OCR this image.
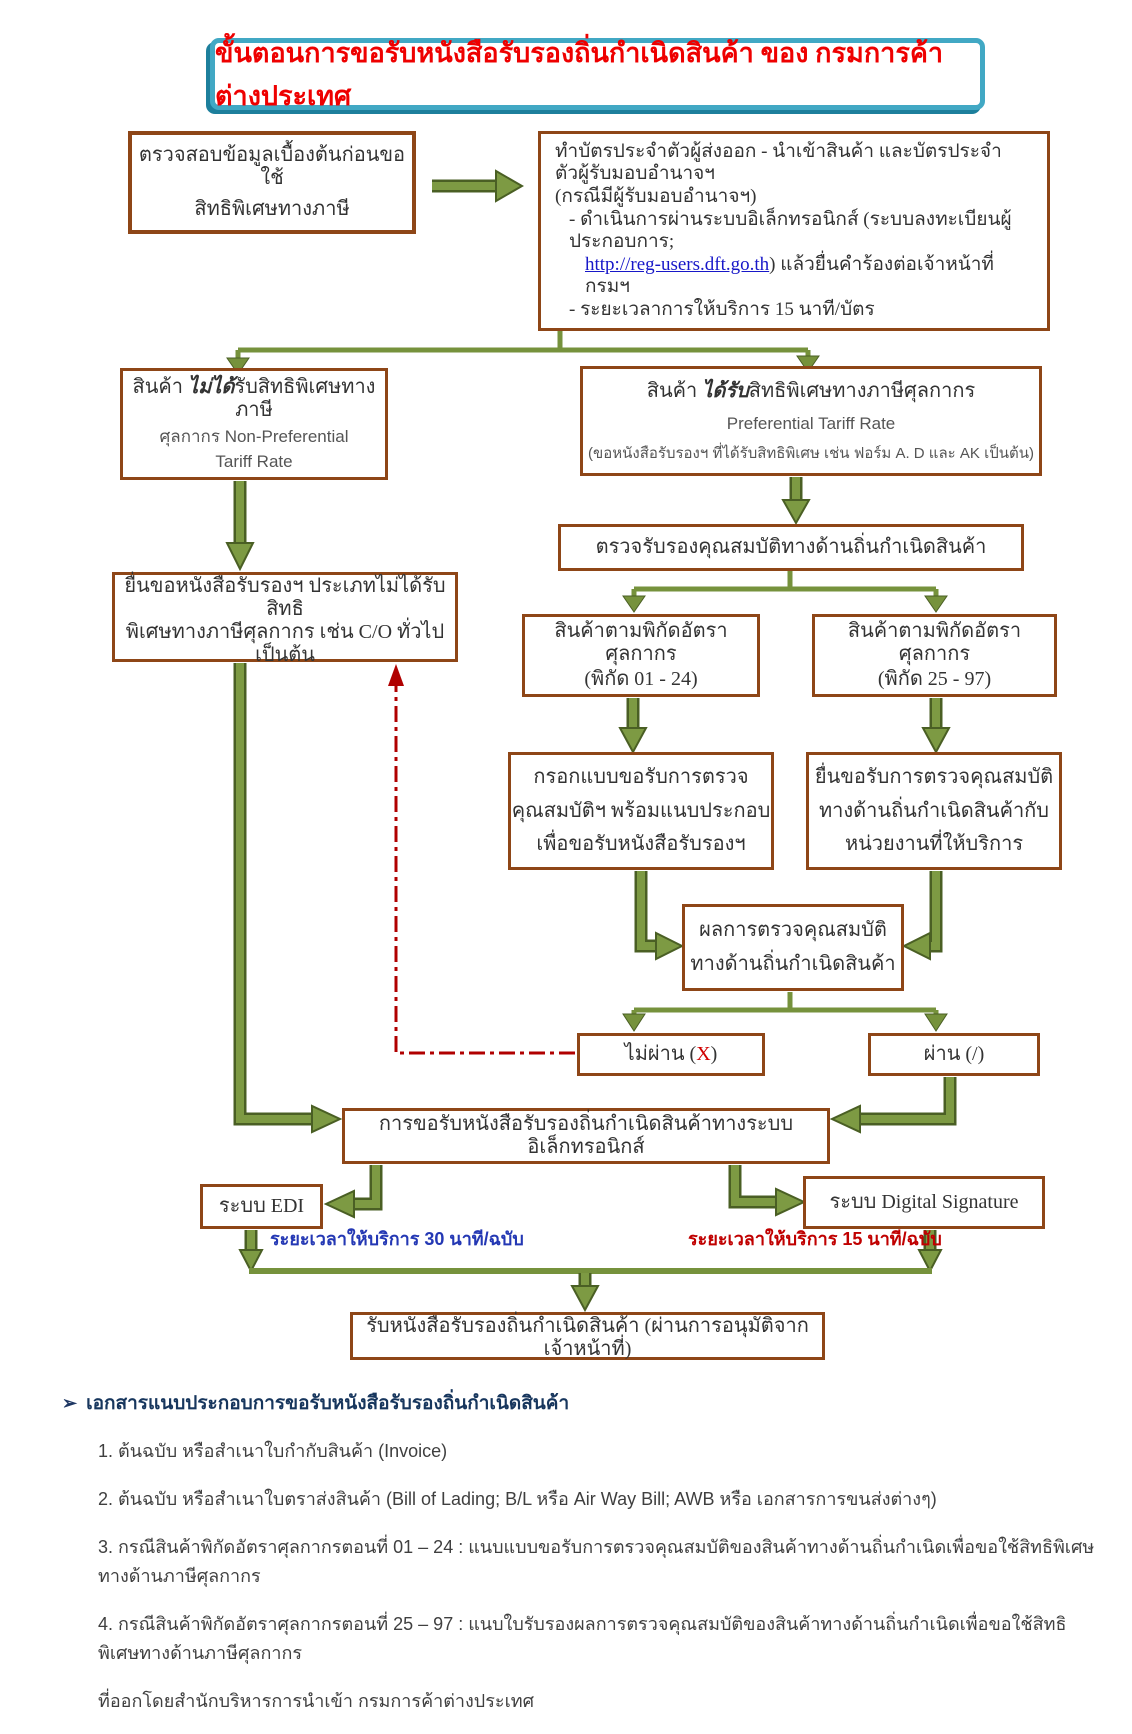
ขั้นตอนการขอรับหนังสือรับรองถิ่นกำเนิดสินค้า ของ กรมการค้าต่างประเทศ
ตรวจสอบข้อมูลเบื้องต้นก่อนขอใช้
สิทธิพิเศษทางภาษี
ทำบัตรประจำตัวผู้ส่งออก - นำเข้าสินค้า และบัตรประจำตัวผู้รับมอบอำนาจฯ
(กรณีมีผู้รับมอบอำนาจฯ)
- ดำเนินการผ่านระบบอิเล็กทรอนิกส์ (ระบบลงทะเบียนผู้ประกอบการ;
http://reg-users.dft.go.th) แล้วยื่นคำร้องต่อเจ้าหน้าที่กรมฯ
- ระยะเวลาการให้บริการ 15 นาที/บัตร
สินค้า ไม่ได้รับสิทธิพิเศษทางภาษี
ศุลกากร Non-Preferential
Tariff Rate
สินค้า ได้รับสิทธิพิเศษทางภาษีศุลกากร
Preferential Tariff Rate
(ขอหนังสือรับรองฯ ที่ได้รับสิทธิพิเศษ เช่น ฟอร์ม A. D และ AK เป็นต้น)
ยื่นขอหนังสือรับรองฯ ประเภทไม่ได้รับสิทธิ
พิเศษทางภาษีศุลกากร เช่น C/O ทั่วไป เป็นต้น
ตรวจรับรองคุณสมบัติทางด้านถิ่นกำเนิดสินค้า
สินค้าตามพิกัดอัตราศุลกากร
(พิกัด 01 - 24)
สินค้าตามพิกัดอัตราศุลกากร
(พิกัด 25 - 97)
กรอกแบบขอรับการตรวจ
คุณสมบัติฯ พร้อมแนบประกอบ
เพื่อขอรับหนังสือรับรองฯ
ยื่นขอรับการตรวจคุณสมบัติ
ทางด้านถิ่นกำเนิดสินค้ากับ
หน่วยงานที่ให้บริการ
ผลการตรวจคุณสมบัติ
ทางด้านถิ่นกำเนิดสินค้า
ไม่ผ่าน (X)	ผ่าน (/)
การขอรับหนังสือรับรองถิ่นกำเนิดสินค้าทางระบบอิเล็กทรอนิกส์
ระบบ EDI	ระบบ Digital Signature
ระยะเวลาให้บริการ 30 นาที/ฉบับ	ระยะเวลาให้บริการ 15 นาที/ฉบับ
รับหนังสือรับรองถิ่นกำเนิดสินค้า (ผ่านการอนุมัติจากเจ้าหน้าที่)
➢ เอกสารแนบประกอบการขอรับหนังสือรับรองถิ่นกำเนิดสินค้า
1. ต้นฉบับ หรือสำเนาใบกำกับสินค้า (Invoice)
2. ต้นฉบับ หรือสำเนาใบตราส่งสินค้า (Bill of Lading; B/L หรือ Air Way Bill; AWB หรือ เอกสารการขนส่งต่างๆ)
3. กรณีสินค้าพิกัดอัตราศุลกากรตอนที่ 01 – 24 : แนบแบบขอรับการตรวจคุณสมบัติของสินค้าทางด้านถิ่นกำเนิดเพื่อขอใช้สิทธิพิเศษทางด้านภาษีศุลกากร
4. กรณีสินค้าพิกัดอัตราศุลกากรตอนที่ 25 – 97 : แนบใบรับรองผลการตรวจคุณสมบัติของสินค้าทางด้านถิ่นกำเนิดเพื่อขอใช้สิทธิพิเศษทางด้านภาษีศุลกากร
ที่ออกโดยสำนักบริหารการนำเข้า กรมการค้าต่างประเทศ
